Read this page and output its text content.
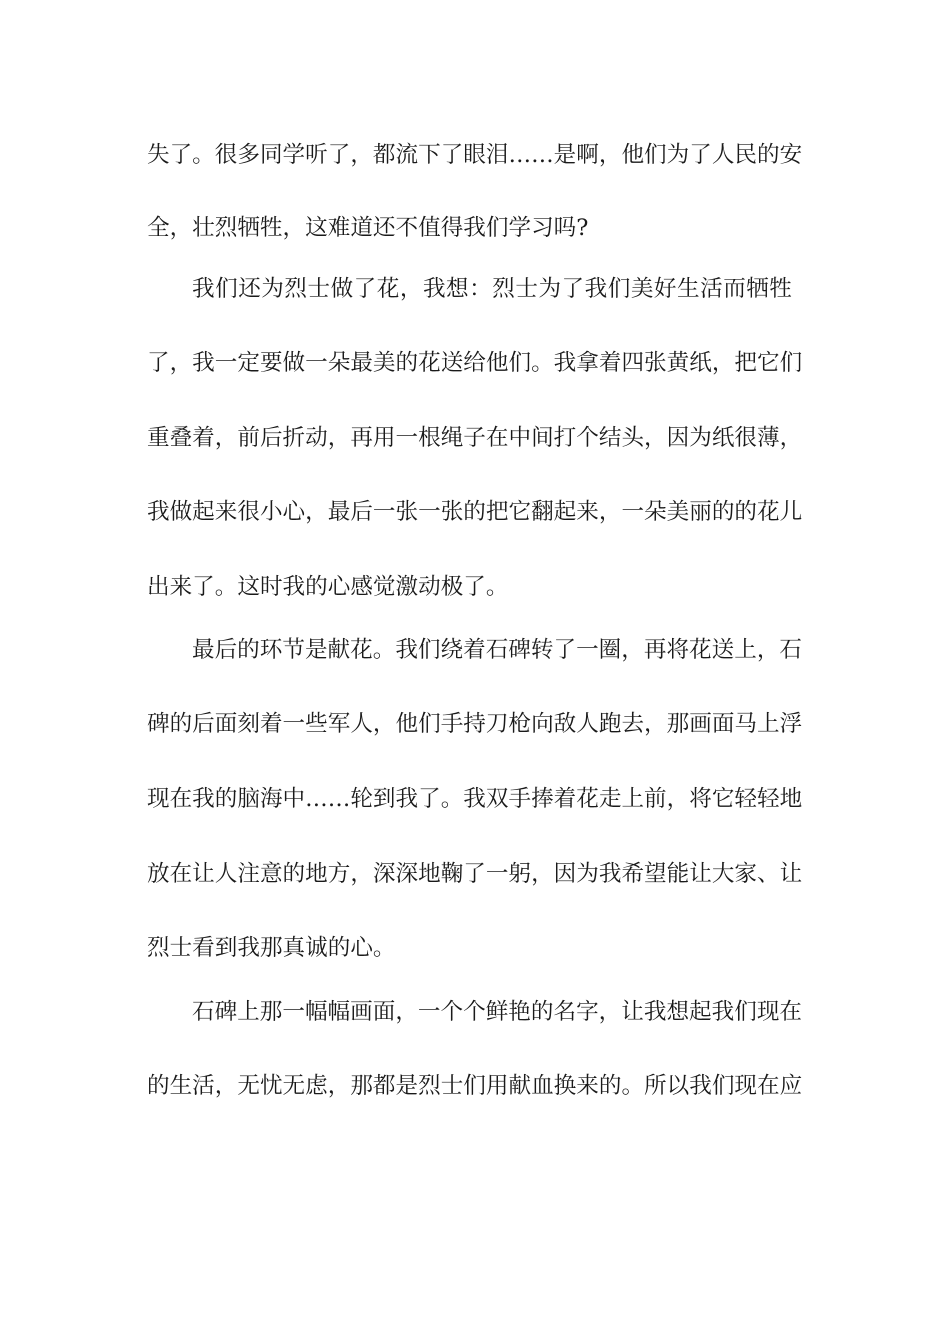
失了。很多同学听了，都流下了眼泪……是啊，他们为了人民的安
全，壮烈牺牲，这难道还不值得我们学习吗?
我们还为烈士做了花，我想：烈士为了我们美好生活而牺牲
了，我一定要做一朵最美的花送给他们。我拿着四张黄纸，把它们
重叠着，前后折动，再用一根绳子在中间打个结头，因为纸很薄，
我做起来很小心，最后一张一张的把它翻起来，一朵美丽的的花儿
出来了。这时我的心感觉激动极了。
最后的环节是献花。我们绕着石碑转了一圈，再将花送上，石
碑的后面刻着一些军人，他们手持刀枪向敌人跑去，那画面马上浮
现在我的脑海中……轮到我了。我双手捧着花走上前，将它轻轻地
放在让人注意的地方，深深地鞠了一躬，因为我希望能让大家、让
烈士看到我那真诚的心。
石碑上那一幅幅画面，一个个鲜艳的名字，让我想起我们现在
的生活，无忧无虑，那都是烈士们用献血换来的。所以我们现在应
